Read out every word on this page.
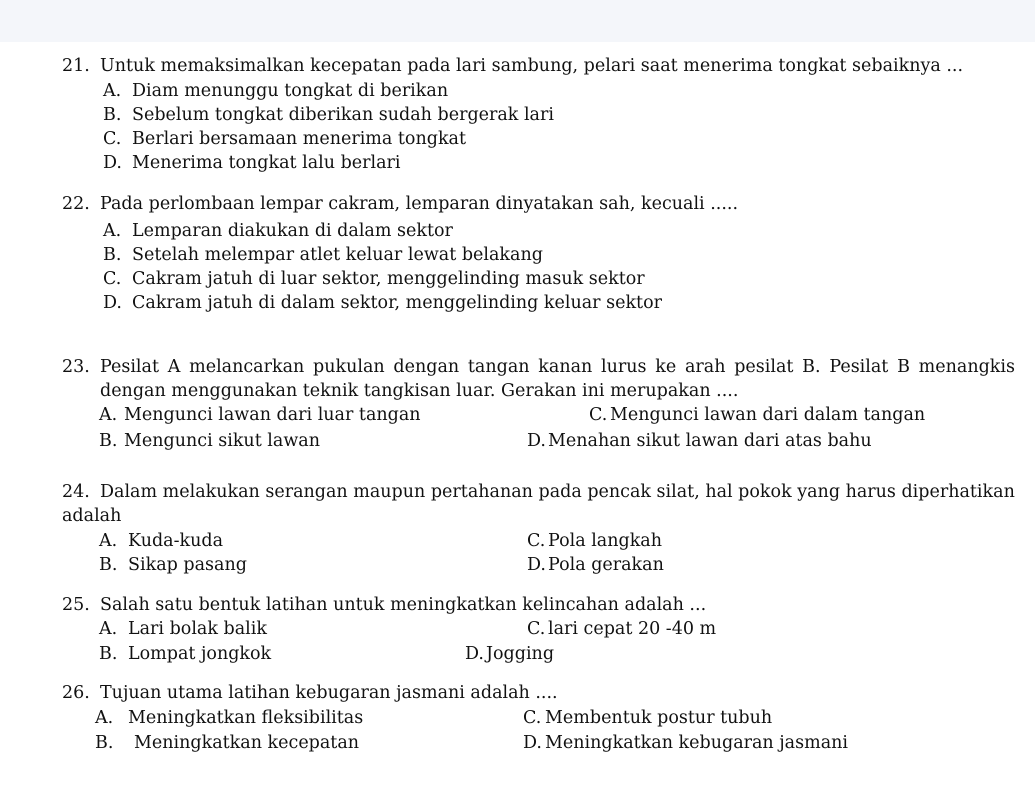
21. Untuk memaksimalkan kecepatan pada lari sambung, pelari saat menerima tongkat sebaiknya ...
A. Diam menunggu tongkat di berikan
B. Sebelum tongkat diberikan sudah bergerak lari
C. Berlari bersamaan menerima tongkat
D. Menerima tongkat lalu berlari
22. Pada perlombaan lempar cakram, lemparan dinyatakan sah, kecuali .....
A. Lemparan diakukan di dalam sektor
B. Setelah melempar atlet keluar lewat belakang
C. Cakram jatuh di luar sektor, menggelinding masuk sektor
D. Cakram jatuh di dalam sektor, menggelinding keluar sektor
23. Pesilat A melancarkan pukulan dengan tangan kanan lurus ke arah pesilat B. Pesilat B menangkis
dengan menggunakan teknik tangkisan luar. Gerakan ini merupakan ....
A. Mengunci lawan dari luar tangan	C. Mengunci lawan dari dalam tangan
B. Mengunci sikut lawan	D. Menahan sikut lawan dari atas bahu
24. Dalam melakukan serangan maupun pertahanan pada pencak silat, hal pokok yang harus diperhatikan
adalah
A. Kuda-kuda	C. Pola langkah
B. Sikap pasang	D. Pola gerakan
25. Salah satu bentuk latihan untuk meningkatkan kelincahan adalah ...
A. Lari bolak balik	C. lari cepat 20 -40 m
B. Lompat jongkok	D. Jogging
26. Tujuan utama latihan kebugaran jasmani adalah ....
A. Meningkatkan fleksibilitas	C. Membentuk postur tubuh
B. Meningkatkan kecepatan	D. Meningkatkan kebugaran jasmani
